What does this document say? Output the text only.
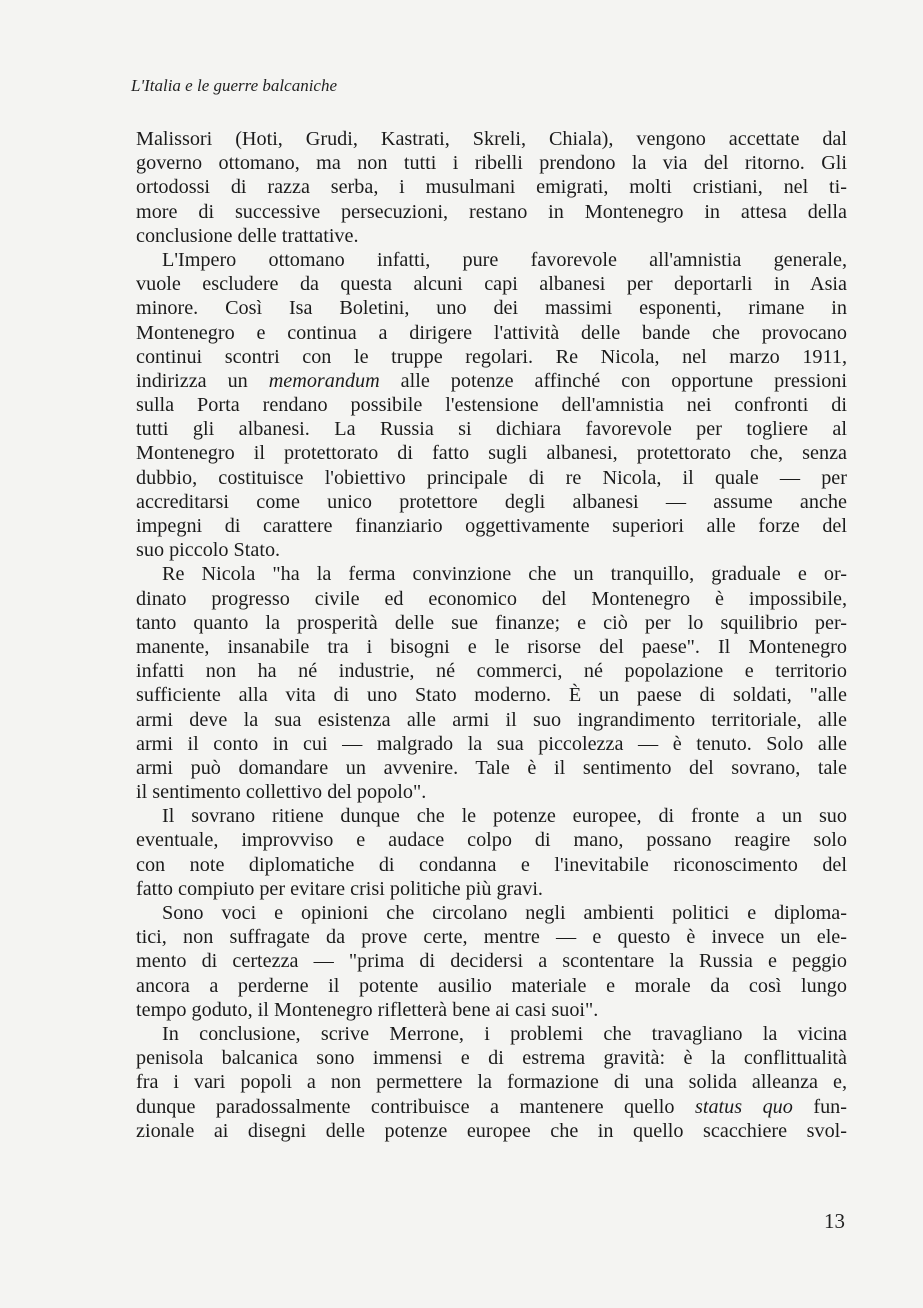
L'Italia e le guerre balcaniche
Malissori (Hoti, Grudi, Kastrati, Skreli, Chiala), vengono accettate dal
governo ottomano, ma non tutti i ribelli prendono la via del ritorno. Gli
ortodossi di razza serba, i musulmani emigrati, molti cristiani, nel ti-
more di successive persecuzioni, restano in Montenegro in attesa della
conclusione delle trattative.
L'Impero ottomano infatti, pure favorevole all'amnistia generale,
vuole escludere da questa alcuni capi albanesi per deportarli in Asia
minore. Così Isa Boletini, uno dei massimi esponenti, rimane in
Montenegro e continua a dirigere l'attività delle bande che provocano
continui scontri con le truppe regolari. Re Nicola, nel marzo 1911,
indirizza un memorandum alle potenze affinché con opportune pressioni
sulla Porta rendano possibile l'estensione dell'amnistia nei confronti di
tutti gli albanesi. La Russia si dichiara favorevole per togliere al
Montenegro il protettorato di fatto sugli albanesi, protettorato che, senza
dubbio, costituisce l'obiettivo principale di re Nicola, il quale — per
accreditarsi come unico protettore degli albanesi — assume anche
impegni di carattere finanziario oggettivamente superiori alle forze del
suo piccolo Stato.
Re Nicola "ha la ferma convinzione che un tranquillo, graduale e or-
dinato progresso civile ed economico del Montenegro è impossibile,
tanto quanto la prosperità delle sue finanze; e ciò per lo squilibrio per-
manente, insanabile tra i bisogni e le risorse del paese". Il Montenegro
infatti non ha né industrie, né commerci, né popolazione e territorio
sufficiente alla vita di uno Stato moderno. È un paese di soldati, "alle
armi deve la sua esistenza alle armi il suo ingrandimento territoriale, alle
armi il conto in cui — malgrado la sua piccolezza — è tenuto. Solo alle
armi può domandare un avvenire. Tale è il sentimento del sovrano, tale
il sentimento collettivo del popolo".
Il sovrano ritiene dunque che le potenze europee, di fronte a un suo
eventuale, improvviso e audace colpo di mano, possano reagire solo
con note diplomatiche di condanna e l'inevitabile riconoscimento del
fatto compiuto per evitare crisi politiche più gravi.
Sono voci e opinioni che circolano negli ambienti politici e diploma-
tici, non suffragate da prove certe, mentre — e questo è invece un ele-
mento di certezza — "prima di decidersi a scontentare la Russia e peggio
ancora a perderne il potente ausilio materiale e morale da così lungo
tempo goduto, il Montenegro rifletterà bene ai casi suoi".
In conclusione, scrive Merrone, i problemi che travagliano la vicina
penisola balcanica sono immensi e di estrema gravità: è la conflittualità
fra i vari popoli a non permettere la formazione di una solida alleanza e,
dunque paradossalmente contribuisce a mantenere quello status quo fun-
zionale ai disegni delle potenze europee che in quello scacchiere svol-
13
